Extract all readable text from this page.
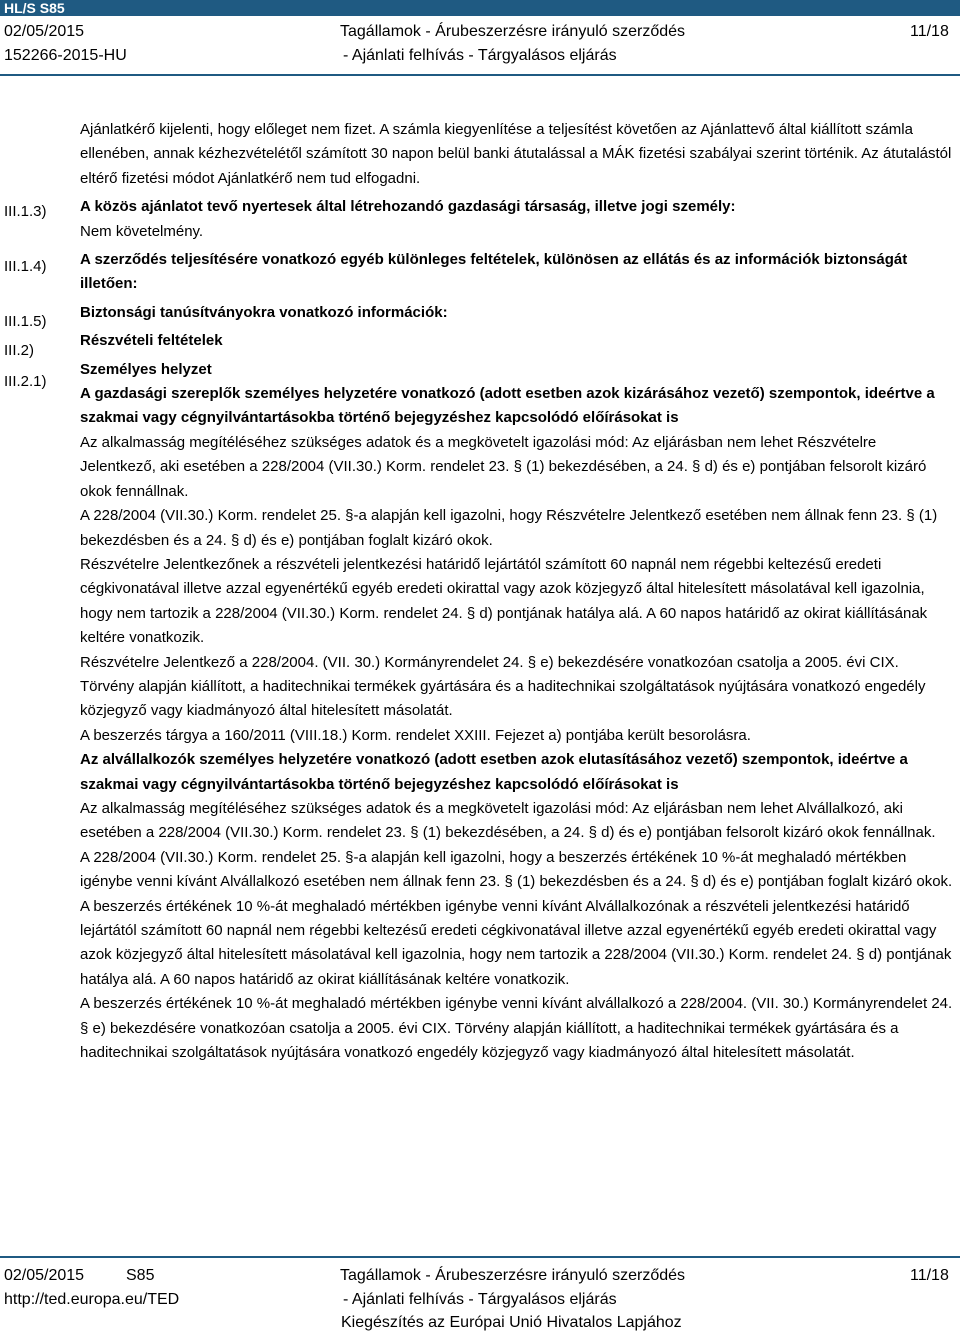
HL/S S85
02/05/2015
152266-2015-HU
Tagállamok - Árubeszerzésre irányuló szerződés
- Ajánlati felhívás - Tárgyalásos eljárás
11/18
III.1.3)
III.1.4)
III.1.5)
III.2)
III.2.1)

Ajánlatkérő kijelenti, hogy előleget nem fizet. A számla kiegyenlítése a teljesítést követően az Ajánlattevő által kiállított számla ellenében, annak kézhezvételétől számított 30 napon belül banki átutalással a MÁK fizetési szabályai szerint történik. Az átutalástól eltérő fizetési módot Ajánlatkérő nem tud elfogadni.

A közös ajánlatot tevő nyertesek által létrehozandó gazdasági társaság, illetve jogi személy:

Nem követelmény.

A szerződés teljesítésére vonatkozó egyéb különleges feltételek, különösen az ellátás és az információk biztonságát illetően:

Biztonsági tanúsítványokra vonatkozó információk:

Részvételi feltételek

Személyes helyzet

A gazdasági szereplők személyes helyzetére vonatkozó (adott esetben azok kizárásához vezető) szempontok, ideértve a szakmai vagy cégnyilvántartásokba történő bejegyzéshez kapcsolódó előírásokat is

Az alkalmasság megítéléséhez szükséges adatok és a megkövetelt igazolási mód: Az eljárásban nem lehet Részvételre Jelentkező, aki esetében a 228/2004 (VII.30.) Korm. rendelet 23. § (1) bekezdésében, a 24. § d) és e) pontjában felsorolt kizáró okok fennállnak.

A 228/2004 (VII.30.) Korm. rendelet 25. §-a alapján kell igazolni, hogy Részvételre Jelentkező esetében nem állnak fenn 23. § (1) bekezdésben és a 24. § d) és e) pontjában foglalt kizáró okok.

Részvételre Jelentkezőnek a részvételi jelentkezési határidő lejártától számított 60 napnál nem régebbi keltezésű eredeti cégkivonatával illetve azzal egyenértékű egyéb eredeti okirattal vagy azok közjegyző által hitelesített másolatával kell igazolnia, hogy nem tartozik a 228/2004 (VII.30.) Korm. rendelet 24. § d) pontjának hatálya alá. A 60 napos határidő az okirat kiállításának keltére vonatkozik.

Részvételre Jelentkező a 228/2004. (VII. 30.) Kormányrendelet 24. § e) bekezdésére vonatkozóan csatolja a 2005. évi CIX. Törvény alapján kiállított, a haditechnikai termékek gyártására és a haditechnikai szolgáltatások nyújtására vonatkozó engedély közjegyző vagy kiadmányozó által hitelesített másolatát.

A beszerzés tárgya a 160/2011 (VIII.18.) Korm. rendelet XXIII. Fejezet a) pontjába került besorolásra.

Az alvállalkozók személyes helyzetére vonatkozó (adott esetben azok elutasításához vezető) szempontok, ideértve a szakmai vagy cégnyilvántartásokba történő bejegyzéshez kapcsolódó előírásokat is

Az alkalmasság megítéléséhez szükséges adatok és a megkövetelt igazolási mód: Az eljárásban nem lehet Alvállalkozó, aki esetében a 228/2004 (VII.30.) Korm. rendelet 23. § (1) bekezdésében, a 24. § d) és e) pontjában felsorolt kizáró okok fennállnak.

A 228/2004 (VII.30.) Korm. rendelet 25. §-a alapján kell igazolni, hogy a beszerzés értékének 10 %-át meghaladó mértékben igénybe venni kívánt Alvállalkozó esetében nem állnak fenn 23. § (1) bekezdésben és a 24. § d) és e) pontjában foglalt kizáró okok.

A beszerzés értékének 10 %-át meghaladó mértékben igénybe venni kívánt Alvállalkozónak a részvételi jelentkezési határidő lejártától számított 60 napnál nem régebbi keltezésű eredeti cégkivonatával illetve azzal egyenértékű egyéb eredeti okirattal vagy azok közjegyző által hitelesített másolatával kell igazolnia, hogy nem tartozik a 228/2004 (VII.30.) Korm. rendelet 24. § d) pontjának hatálya alá. A 60 napos határidő az okirat kiállításának keltére vonatkozik.

A beszerzés értékének 10 %-át meghaladó mértékben igénybe venni kívánt alvállalkozó a 228/2004. (VII. 30.) Kormányrendelet 24. § e) bekezdésére vonatkozóan csatolja a 2005. évi CIX. Törvény alapján kiállított, a haditechnikai termékek gyártására és a haditechnikai szolgáltatások nyújtására vonatkozó engedély közjegyző vagy kiadmányozó által hitelesített másolatát.

02/05/2015	S85
http://ted.europa.eu/TED
Tagállamok - Árubeszerzésre irányuló szerződés
- Ajánlati felhívás - Tárgyalásos eljárás
Kiegészítés az Európai Unió Hivatalos Lapjához
11/18
